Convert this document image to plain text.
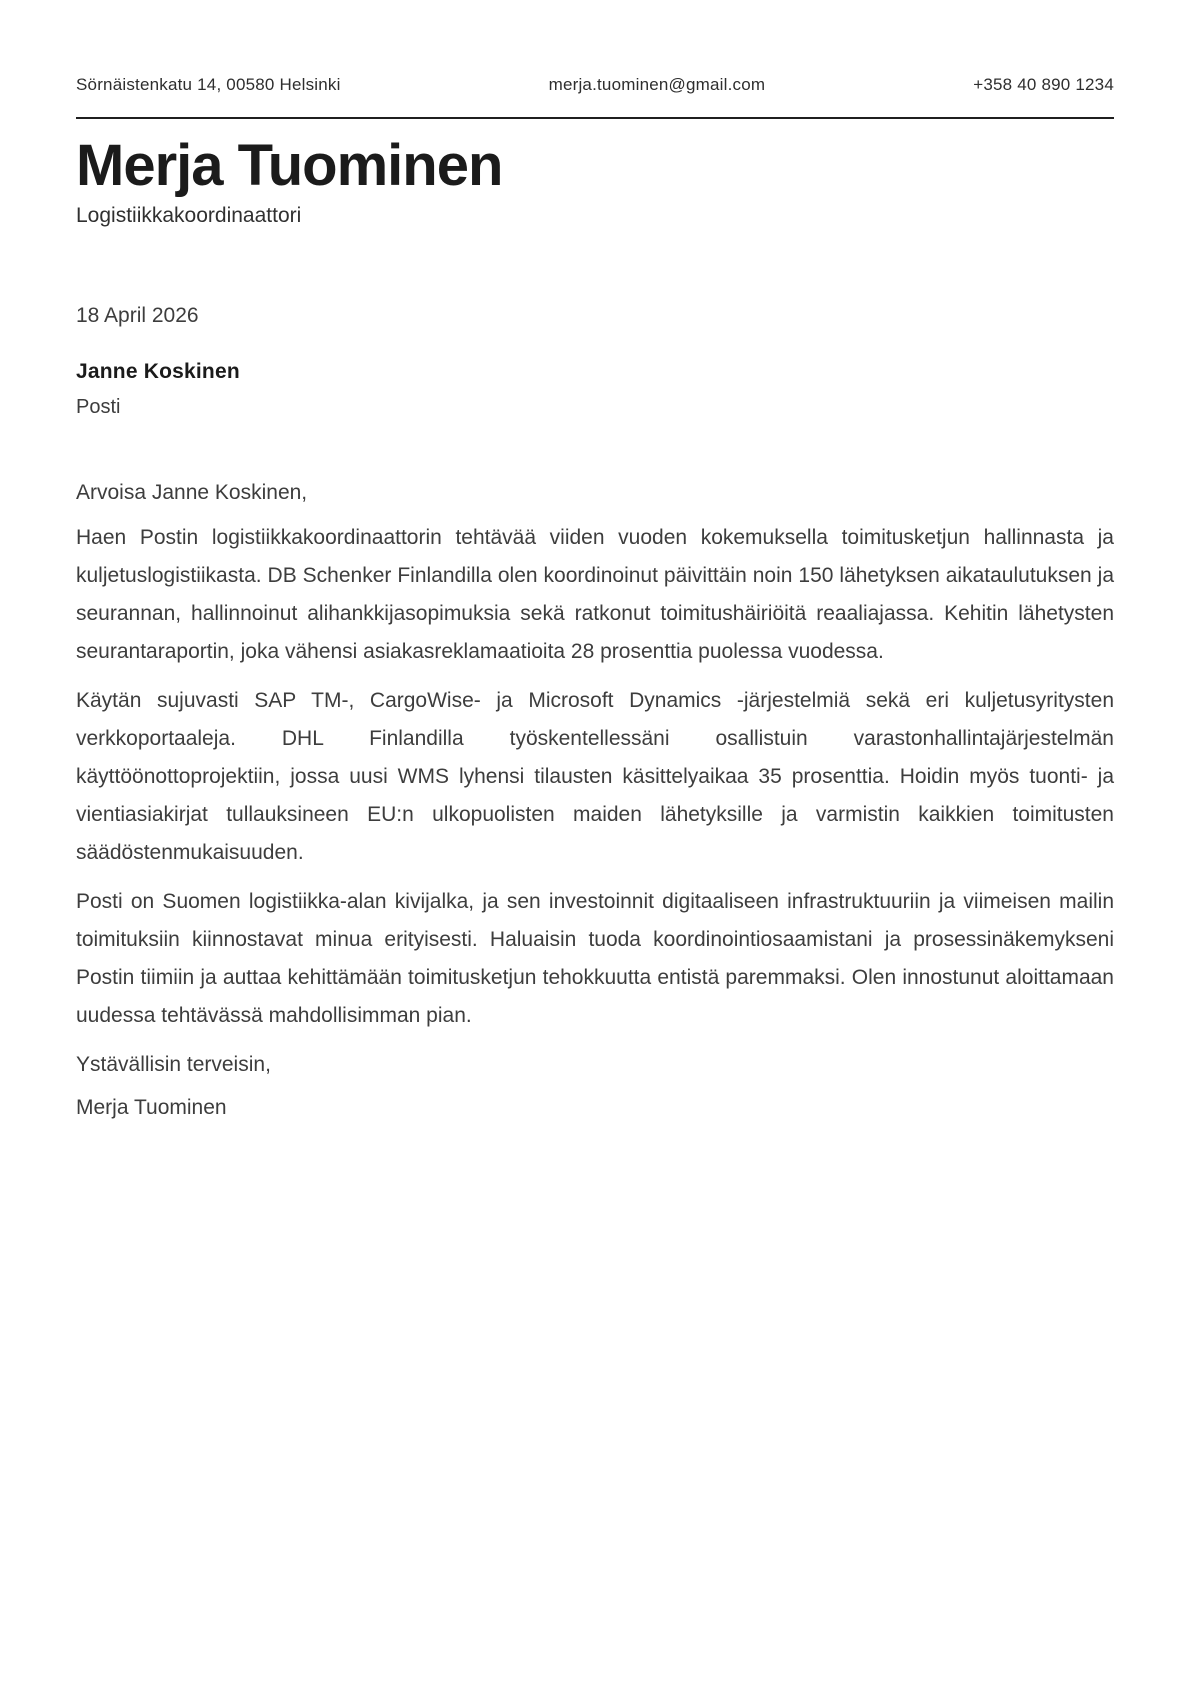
Sörnäistenkatu 14, 00580 Helsinki	merja.tuominen@gmail.com	+358 40 890 1234
Merja Tuominen
Logistiikkakoordinaattori
18 April 2026
Janne Koskinen
Posti
Arvoisa Janne Koskinen,

Haen Postin logistiikkakoordinaattorin tehtävää viiden vuoden kokemuksella toimitusketjun hallinnasta ja kuljetuslogistiikasta. DB Schenker Finlandilla olen koordinoinut päivittäin noin 150 lähetyksen aikataulutuksen ja seurannan, hallinnoinut alihankkijasopimuksia sekä ratkonut toimitushäiriöitä reaaliajassa. Kehitin lähetysten seurantaraportin, joka vähensi asiakasreklamaatioita 28 prosenttia puolessa vuodessa.

Käytän sujuvasti SAP TM-, CargoWise- ja Microsoft Dynamics -järjestelmiä sekä eri kuljetusyritysten verkkoportaaleja. DHL Finlandilla työskentellessäni osallistuin varastonhallintajärjestelmän käyttöönottoprojektiin, jossa uusi WMS lyhensi tilausten käsittelyaikaa 35 prosenttia. Hoidin myös tuonti- ja vientiasiakirjat tullauksineen EU:n ulkopuolisten maiden lähetyksille ja varmistin kaikkien toimitusten säädöstenmukaisuuden.

Posti on Suomen logistiikka-alan kivijalka, ja sen investoinnit digitaaliseen infrastruktuuriin ja viimeisen mailin toimituksiin kiinnostavat minua erityisesti. Haluaisin tuoda koordinointiosaamistani ja prosessinäkemykseni Postin tiimiin ja auttaa kehittämään toimitusketjun tehokkuutta entistä paremmaksi. Olen innostunut aloittamaan uudessa tehtävässä mahdollisimman pian.

Ystävällisin terveisin,
Merja Tuominen
